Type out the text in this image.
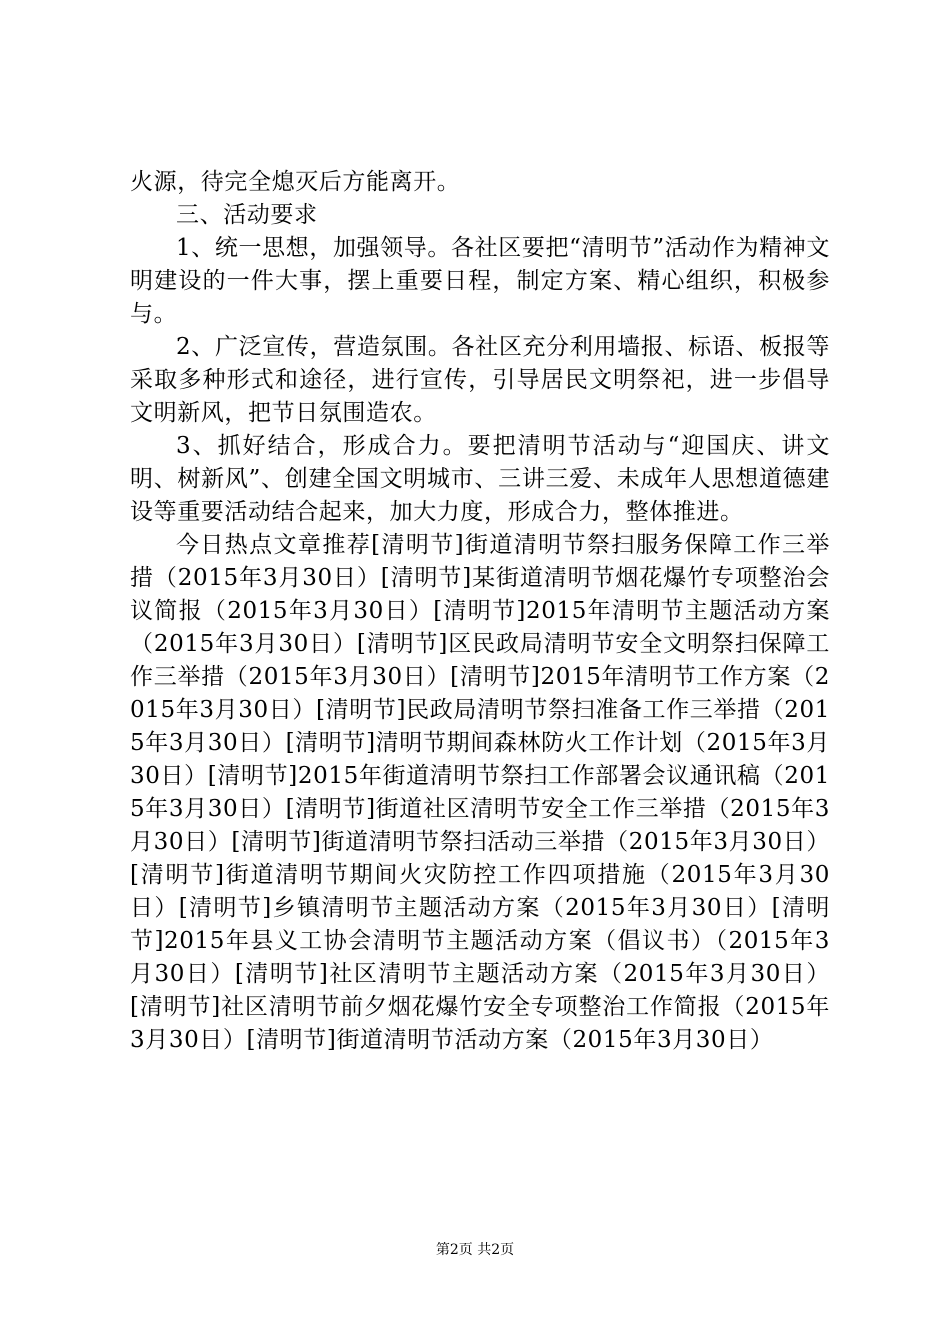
火源，待完全熄灭后方能离开。

三、活动要求

1、统一思想，加强领导。各社区要把“清明节”活动作为精神文明建设的一件大事，摆上重要日程，制定方案、精心组织，积极参与。

2、广泛宣传，营造氛围。各社区充分利用墙报、标语、板报等采取多种形式和途径，进行宣传，引导居民文明祭祀，进一步倡导文明新风，把节日氛围造农。

3、抓好结合，形成合力。要把清明节活动与“迎国庆、讲文明、树新风”、创建全国文明城市、三讲三爱、未成年人思想道德建设等重要活动结合起来，加大力度，形成合力，整体推进。

今日热点文章推荐[清明节]街道清明节祭扫服务保障工作三举措（2015年3月30日）[清明节]某街道清明节烟花爆竹专项整治会议简报（2015年3月30日）[清明节]2015年清明节主题活动方案（2015年3月30日）[清明节]区民政局清明节安全文明祭扫保障工作三举措（2015年3月30日）[清明节]2015年清明节工作方案（2015年3月30日）[清明节]民政局清明节祭扫准备工作三举措（2015年3月30日）[清明节]清明节期间森林防火工作计划（2015年3月30日）[清明节]2015年街道清明节祭扫工作部署会议通讯稿（2015年3月30日）[清明节]街道社区清明节安全工作三举措（2015年3月30日）[清明节]街道清明节祭扫活动三举措（2015年3月30日）[清明节]街道清明节期间火灾防控工作四项措施（2015年3月30日）[清明节]乡镇清明节主题活动方案（2015年3月30日）[清明节]2015年县义工协会清明节主题活动方案（倡议书）（2015年3月30日）[清明节]社区清明节主题活动方案（2015年3月30日）[清明节]社区清明节前夕烟花爆竹安全专项整治工作简报（2015年3月30日）[清明节]街道清明节活动方案（2015年3月30日）

第2页 共2页
